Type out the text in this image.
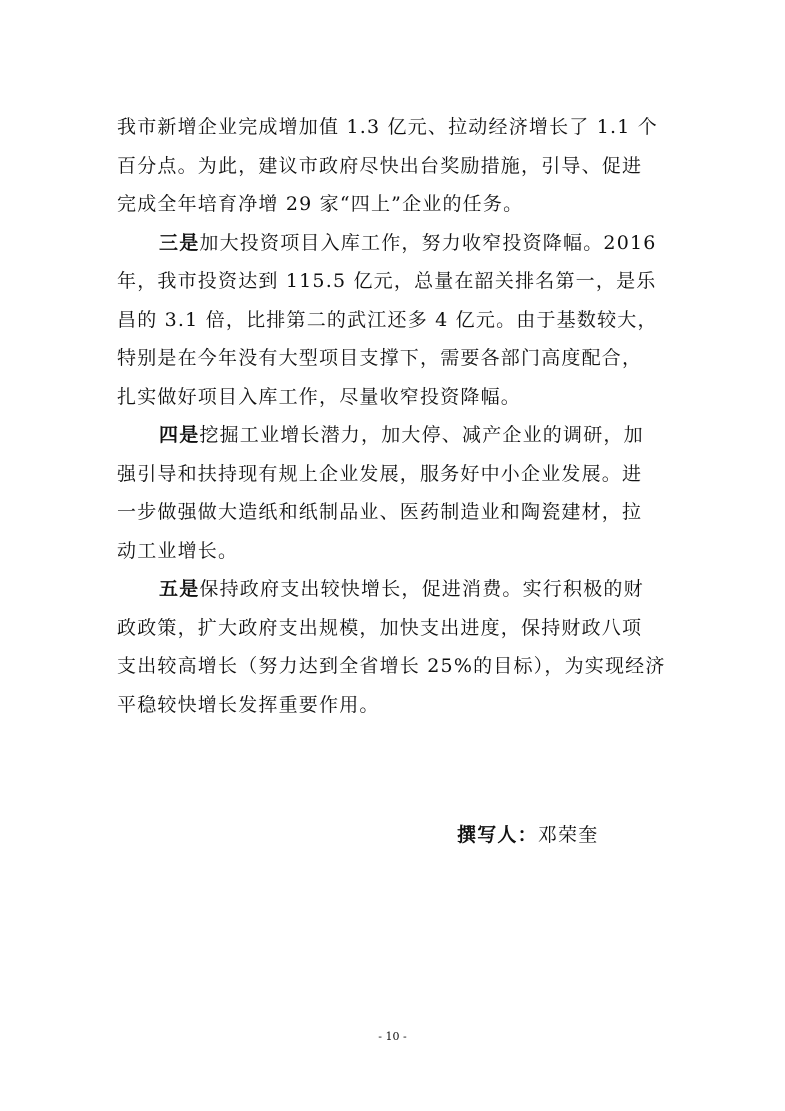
我市新增企业完成增加值 1.3 亿元、拉动经济增长了 1.1 个

百分点。为此，建议市政府尽快出台奖励措施，引导、促进

完成全年培育净增 29 家“四上”企业的任务。

三是加大投资项目入库工作，努力收窄投资降幅。2016

年，我市投资达到 115.5 亿元，总量在韶关排名第一，是乐

昌的 3.1 倍，比排第二的武江还多 4 亿元。由于基数较大，

特别是在今年没有大型项目支撑下，需要各部门高度配合，

扎实做好项目入库工作，尽量收窄投资降幅。

四是挖掘工业增长潜力，加大停、减产企业的调研，加

强引导和扶持现有规上企业发展，服务好中小企业发展。进

一步做强做大造纸和纸制品业、医药制造业和陶瓷建材，拉

动工业增长。

五是保持政府支出较快增长，促进消费。实行积极的财

政政策，扩大政府支出规模，加快支出进度，保持财政八项

支出较高增长（努力达到全省增长 25%的目标），为实现经济

平稳较快增长发挥重要作用。

撰写人：邓荣奎
- 10 -
